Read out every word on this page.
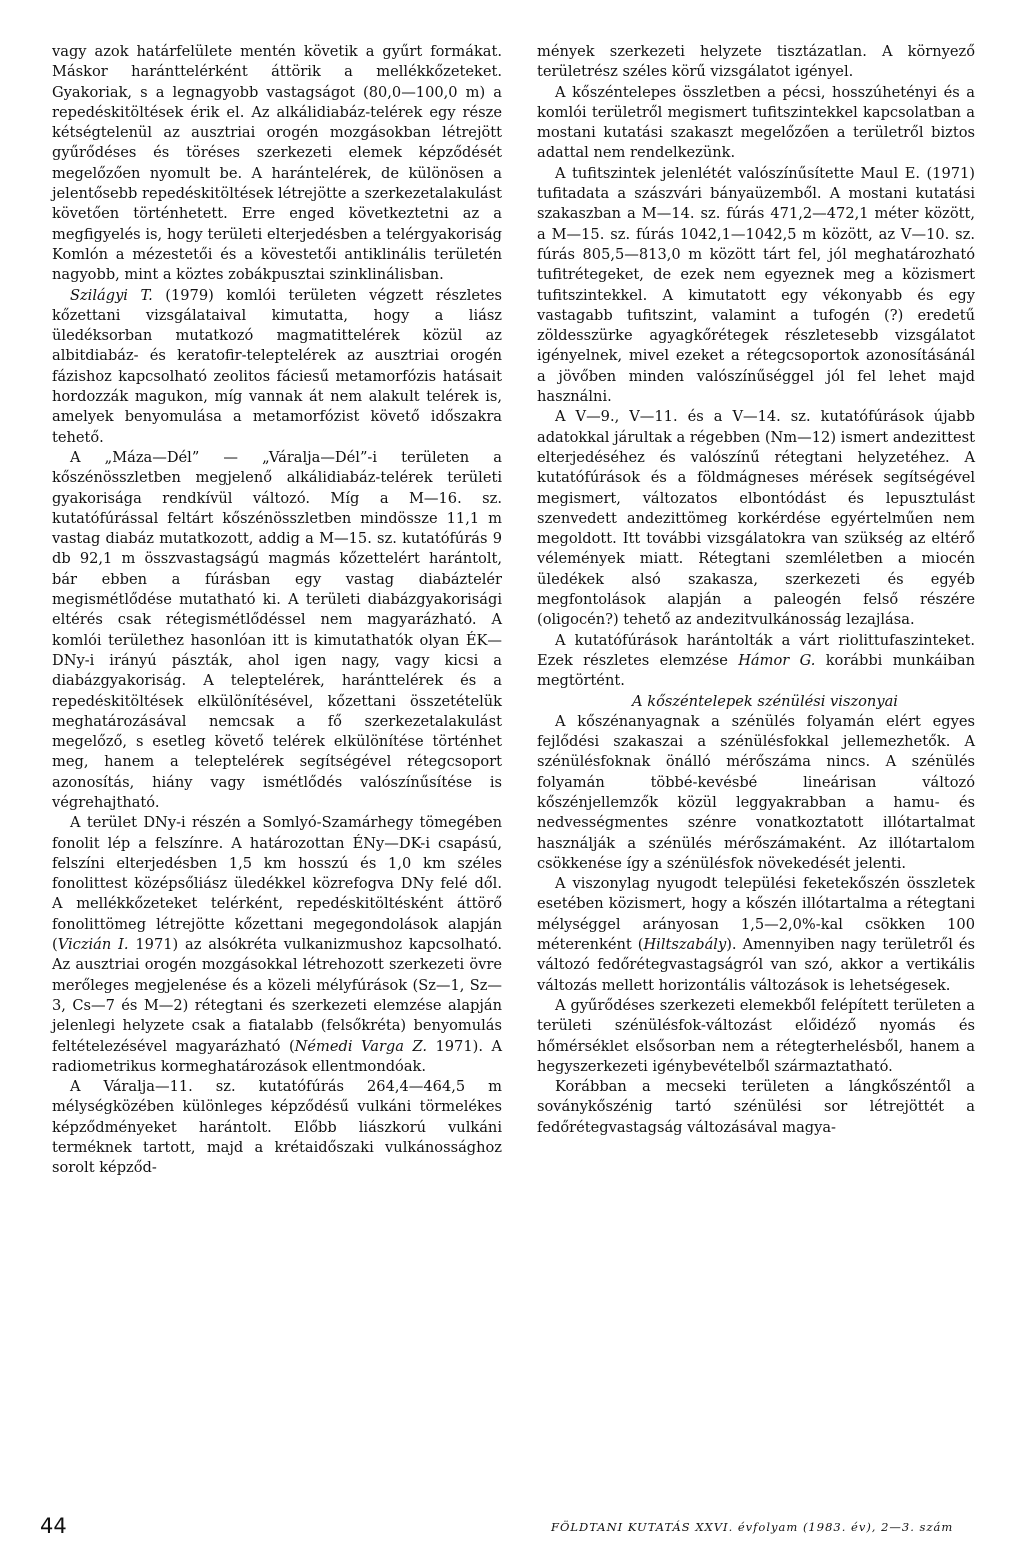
vagy azok határfelülete mentén követik a gyűrt formákat. Máskor haránttelérként áttörik a mellékkőzeteket. Gyakoriak, s a legnagyobb vastagságot (80,0—100,0 m) a repedéskitöltések érik el. Az alkálidiabáz-telérek egy része kétségtelenül az ausztriai orogén mozgásokban létrejött gyűrődéses és töréses szerkezeti elemek képződését megelőzően nyomult be. A harántelérek, de különösen a jelentősebb repedéskitöltések létrejötte a szerkezetalakulást követően történhetett. Erre enged következtetni az a megfigyelés is, hogy területi elterjedésben a telérgyakoriság Komlón a mézestetői és a kövestetői antiklinális területén nagyobb, mint a köztes zobákpusztai szinklinálisban.

Szilágyi T. (1979) komlói területen végzett részletes kőzettani vizsgálataival kimutatta, hogy a liász üledéksorban mutatkozó magmatittelérek közül az albitdiabáz- és keratofir-teleptelérek az ausztriai orogén fázishoz kapcsolható zeolitos fáciesű metamorfózis hatásait hordozzák magukon, míg vannak át nem alakult telérek is, amelyek benyomulása a metamorfózist követő időszakra tehető.

A „Máza—Dél” — „Váralja—Dél”-i területen a kőszénösszletben megjelenő alkálidiabáz-telérek területi gyakorisága rendkívül változó. Míg a M—16. sz. kutatófúrással feltárt kőszénösszletben mindössze 11,1 m vastag diabáz mutatkozott, addig a M—15. sz. kutatófúrás 9 db 92,1 m összvastagságú magmás kőzettelért harántolt, bár ebben a fúrásban egy vastag diabáztelér megismétlődése mutatható ki. A területi diabázgyakorisági eltérés csak rétegismétlődéssel nem magyarázható. A komlói területhez hasonlóan itt is kimutathatók olyan ÉK—DNy-i irányú pászták, ahol igen nagy, vagy kicsi a diabázgyakoriság. A teleptelérek, haránttelérek és a repedéskitöltések elkülönítésével, kőzettani összetételük meghatározásával nemcsak a fő szerkezetalakulást megelőző, s esetleg követő telérek elkülönítése történhet meg, hanem a teleptelérek segítségével rétegcsoport azonosítás, hiány vagy ismétlődés valószínűsítése is végrehajtható.

A terület DNy-i részén a Somlyó-Szamárhegy tömegében fonolit lép a felszínre. A határozottan ÉNy—DK-i csapású, felszíni elterjedésben 1,5 km hosszú és 1,0 km széles fonolittest középsőliász üledékkel közrefogva DNy felé dől. A mellékkőzeteket telérként, repedéskitöltésként áttörő fonolittömeg létrejötte kőzettani megegondolások alapján (Viczián I. 1971) az alsókréta vulkanizmushoz kapcsolható. Az ausztriai orogén mozgásokkal létrehozott szerkezeti övre merőleges megjelenése és a közeli mélyfúrások (Sz—1, Sz—3, Cs—7 és M—2) rétegtani és szerkezeti elemzése alapján jelenlegi helyzete csak a fiatalabb (felsőkréta) benyomulás feltételezésével magyarázható (Némedi Varga Z. 1971). A radiometrikus kormeghatározások ellentmondóak.

A Váralja—11. sz. kutatófúrás 264,4—464,5 m mélységközében különleges képződésű vulkáni törmelékes képződményeket harántolt. Előbb liászkorú vulkáni terméknek tartott, majd a krétaidőszaki vulkánossághoz sorolt képződ-

mények szerkezeti helyzete tisztázatlan. A környező területrész széles körű vizsgálatot igényel.

A kőszéntelepes összletben a pécsi, hosszúhetényi és a komlói területről megismert tufitszintekkel kapcsolatban a mostani kutatási szakaszt megelőzően a területről biztos adattal nem rendelkezünk.

A tufitszintek jelenlétét valószínűsítette Maul E. (1971) tufitadata a szászvári bányaüzemből. A mostani kutatási szakaszban a M—14. sz. fúrás 471,2—472,1 méter között, a M—15. sz. fúrás 1042,1—1042,5 m között, az V—10. sz. fúrás 805,5—813,0 m között tárt fel, jól meghatározható tufitrétegeket, de ezek nem egyeznek meg a közismert tufitszintekkel. A kimutatott egy vékonyabb és egy vastagabb tufitszint, valamint a tufogén (?) eredetű zöldesszürke agyagkőrétegek részletesebb vizsgálatot igényelnek, mivel ezeket a rétegcsoportok azonosításánál a jövőben minden valószínűséggel jól fel lehet majd használni.

A V—9., V—11. és a V—14. sz. kutatófúrások újabb adatokkal járultak a régebben (Nm—12) ismert andezittest elterjedéséhez és valószínű rétegtani helyzetéhez. A kutatófúrások és a földmágneses mérések segítségével megismert, változatos elbontódást és lepusztulást szenvedett andezittömeg korkérdése egyértelműen nem megoldott. Itt további vizsgálatokra van szükség az eltérő vélemények miatt. Rétegtani szemléletben a miocén üledékek alsó szakasza, szerkezeti és egyéb megfontolások alapján a paleogén felső részére (oligocén?) tehető az andezitvulkánosság lezajlása.

A kutatófúrások harántolták a várt riolittufaszinteket. Ezek részletes elemzése Hámor G. korábbi munkáiban megtörtént.

A kőszéntelepek szénülési viszonyai

A kőszénanyagnak a szénülés folyamán elért egyes fejlődési szakaszai a szénülésfokkal jellemezhetők. A szénülésfoknak önálló mérőszáma nincs. A szénülés folyamán többé-kevésbé lineárisan változó kőszénjellemzők közül leggyakrabban a hamu- és nedvességmentes szénre vonatkoztatott illótartalmat használják a szénülés mérőszámaként. Az illótartalom csökkenése így a szénülésfok növekedését jelenti.

A viszonylag nyugodt települési feketekőszén összletek esetében közismert, hogy a kőszén illótartalma a rétegtani mélységgel arányosan 1,5—2,0%-kal csökken 100 méterenként (Hiltszabály). Amennyiben nagy területről és változó fedőrétegvastagságról van szó, akkor a vertikális változás mellett horizontális változások is lehetségesek.

A gyűrődéses szerkezeti elemekből felépített területen a területi szénülésfok-változást előidéző nyomás és hőmérséklet elsősorban nem a rétegterhelésből, hanem a hegyszerkezeti igénybevételből származtatható.

Korábban a mecseki területen a lángkőszéntől a soványkőszénig tartó szénülési sor létrejöttét a fedőrétegvastagság változásával magya-

44	FÖLDTANI KUTATÁS XXVI. évfolyam (1983. év), 2—3. szám
